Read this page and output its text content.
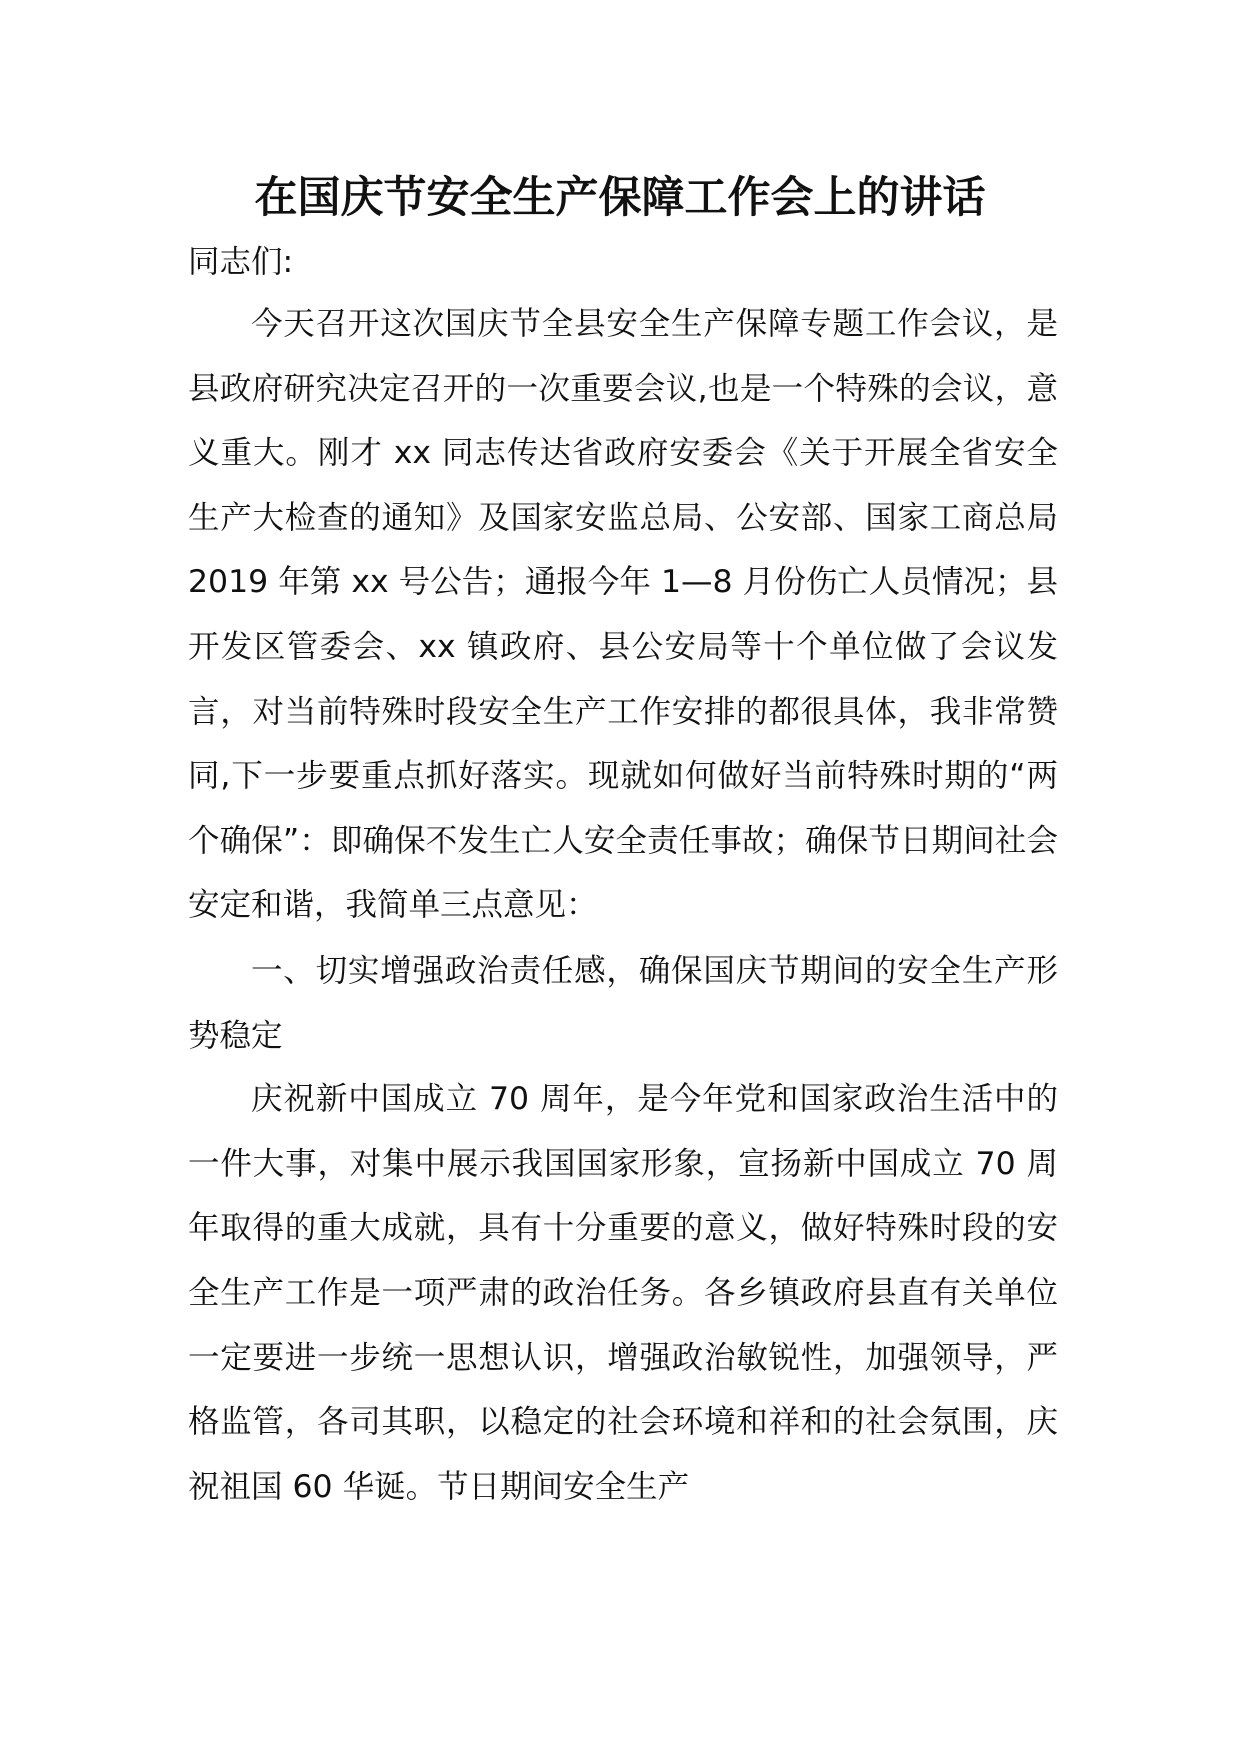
在国庆节安全生产保障工作会上的讲话

同志们:

今天召开这次国庆节全县安全生产保障专题工作会议，是县政府研究决定召开的一次重要会议,也是一个特殊的会议，意义重大。刚才 xx 同志传达省政府安委会《关于开展全省安全生产大检查的通知》及国家安监总局、公安部、国家工商总局 2019 年第 xx 号公告；通报今年 1—8 月份伤亡人员情况；县开发区管委会、xx 镇政府、县公安局等十个单位做了会议发言，对当前特殊时段安全生产工作安排的都很具体，我非常赞同,下一步要重点抓好落实。现就如何做好当前特殊时期的“两个确保”：即确保不发生亡人安全责任事故；确保节日期间社会安定和谐，我简单三点意见：

一、切实增强政治责任感，确保国庆节期间的安全生产形势稳定

庆祝新中国成立 70 周年，是今年党和国家政治生活中的一件大事，对集中展示我国国家形象，宣扬新中国成立 70 周年取得的重大成就，具有十分重要的意义，做好特殊时段的安全生产工作是一项严肃的政治任务。各乡镇政府县直有关单位一定要进一步统一思想认识，增强政治敏锐性，加强领导，严格监管，各司其职，以稳定的社会环境和祥和的社会氛围，庆祝祖国 60 华诞。节日期间安全生产
